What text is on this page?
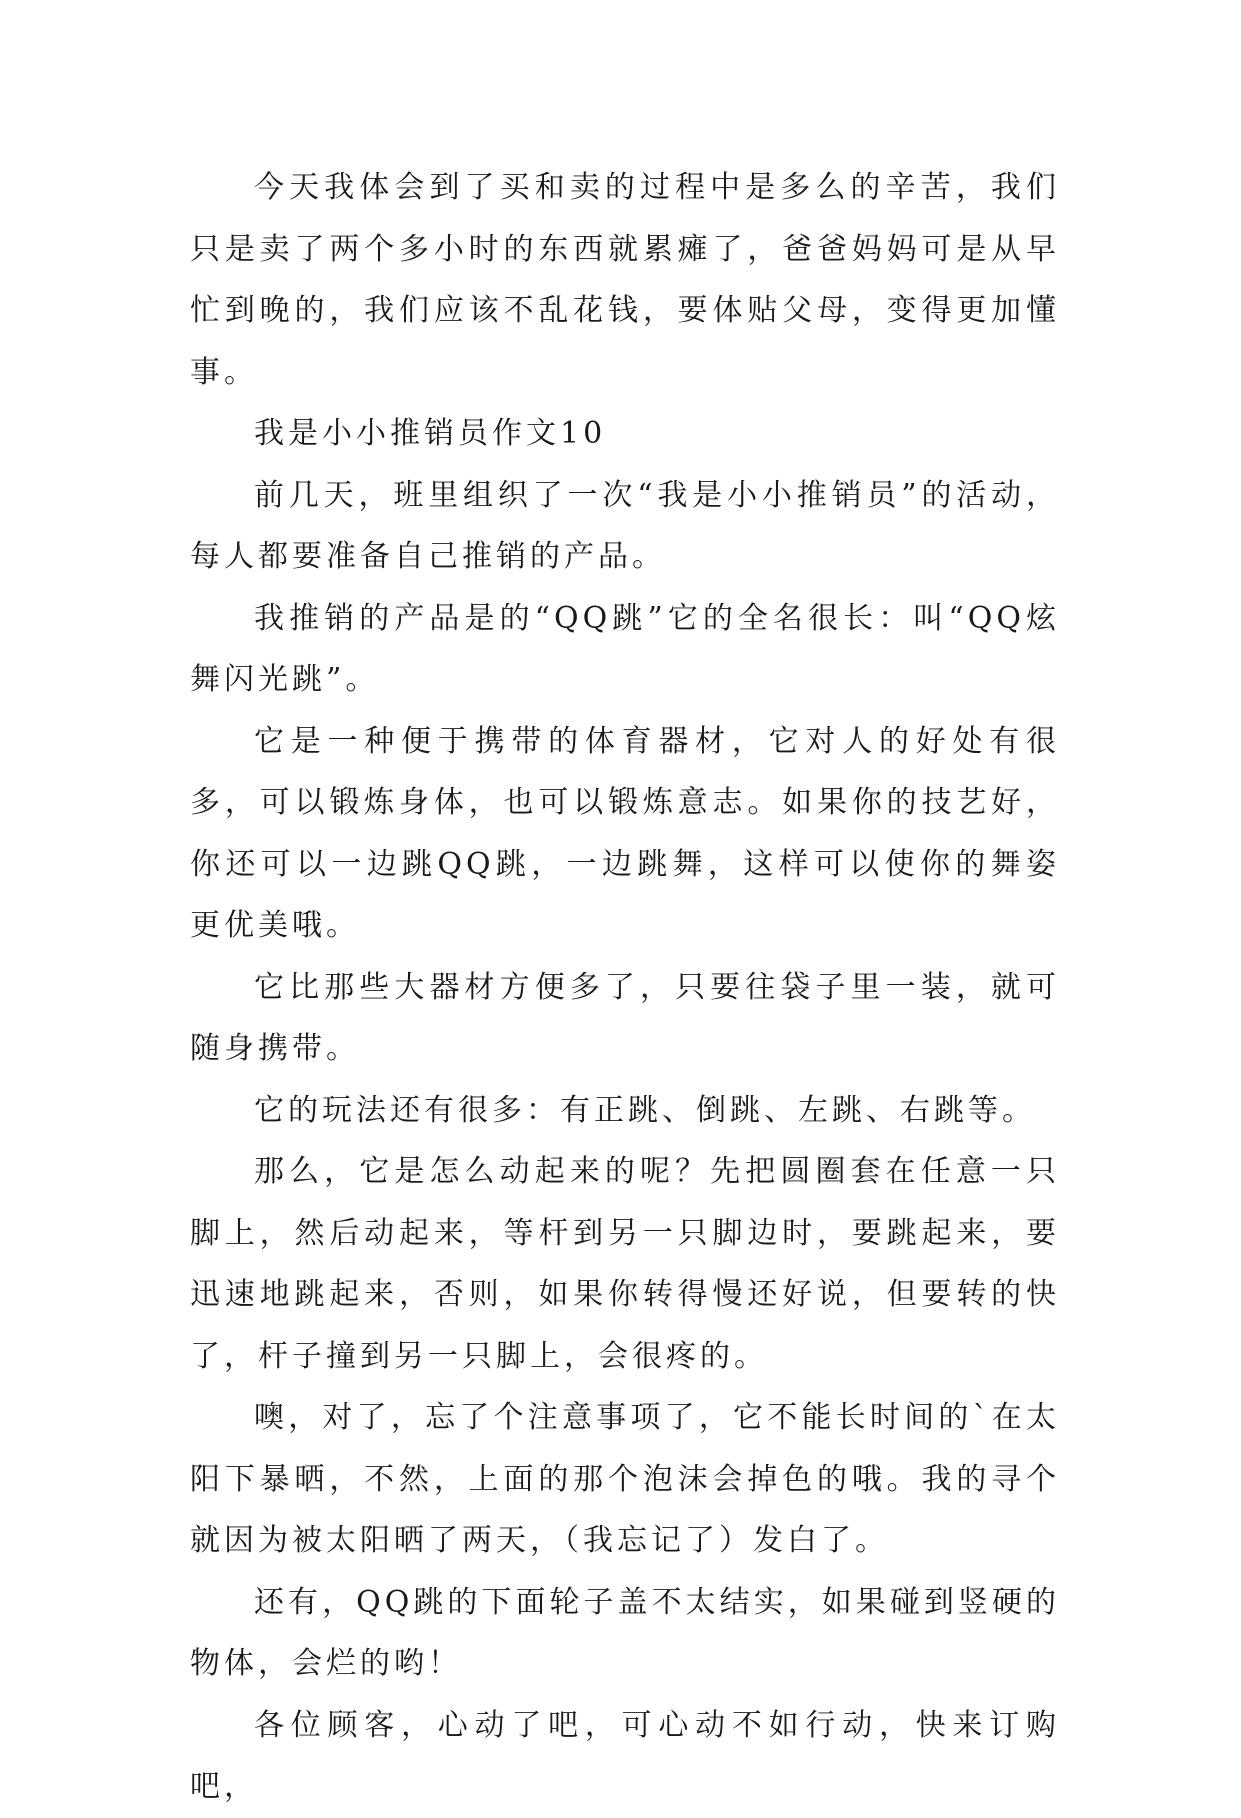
今天我体会到了买和卖的过程中是多么的辛苦，我们只是卖了两个多小时的东西就累瘫了，爸爸妈妈可是从早忙到晚的，我们应该不乱花钱，要体贴父母，变得更加懂事。

我是小小推销员作文10

前几天，班里组织了一次“我是小小推销员”的活动，每人都要准备自己推销的产品。

我推销的产品是的“QQ跳”它的全名很长：叫“QQ炫舞闪光跳”。

它是一种便于携带的体育器材，它对人的好处有很多，可以锻炼身体，也可以锻炼意志。如果你的技艺好，你还可以一边跳QQ跳，一边跳舞，这样可以使你的舞姿更优美哦。

它比那些大器材方便多了，只要往袋子里一装，就可随身携带。

它的玩法还有很多：有正跳、倒跳、左跳、右跳等。

那么，它是怎么动起来的呢？先把圆圈套在任意一只脚上，然后动起来，等杆到另一只脚边时，要跳起来，要迅速地跳起来，否则，如果你转得慢还好说，但要转的快了，杆子撞到另一只脚上，会很疼的。

噢，对了，忘了个注意事项了，它不能长时间的`在太阳下暴晒，不然，上面的那个泡沫会掉色的哦。我的寻个就因为被太阳晒了两天，（我忘记了）发白了。

还有，QQ跳的下面轮子盖不太结实，如果碰到竖硬的物体，会烂的哟！

各位顾客，心动了吧，可心动不如行动，快来订购吧，
